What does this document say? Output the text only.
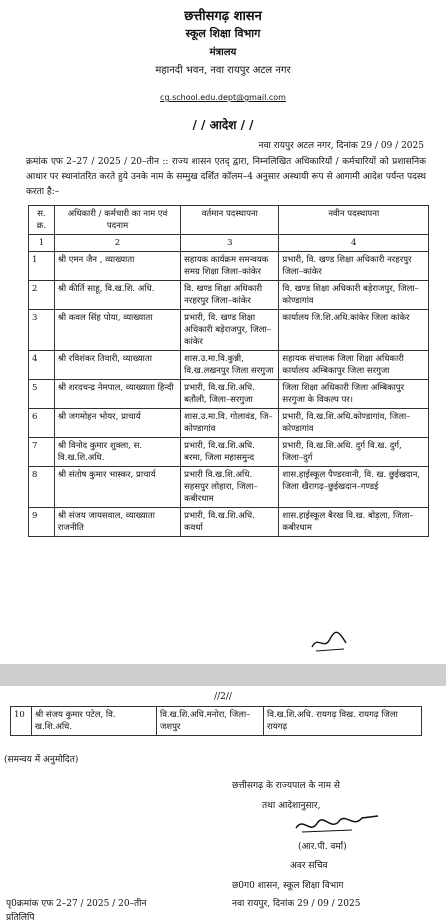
छत्तीसगढ़ शासन
स्कूल शिक्षा विभाग
मंत्रालय
महानदी भवन, नवा रायपुर अटल नगर
cg.school.edu.dept@gmail.com
/ / आदेश / /
नवा रायपुर अटल नगर, दिनांक 29 / 09 / 2025
क्रमांक एफ 2–27 / 2025 / 20–तीन :: राज्य शासन एतद् द्वारा, निम्नलिखित अधिकारियों / कर्मचारियों को प्रशासनिक आधार पर स्थानांतरित करते हुये उनके नाम के सम्मुख दर्शित कॉलम–4 अनुसार अस्थायी रूप से आगामी आदेश पर्यन्त पदस्थ करता है:–
स. क्र.	अधिकारी / कर्मचारी का नाम एवं पदनाम	वर्तमान पदस्थापना	नवीन पदस्थापना
1	2	3	4
1	श्री एमन जैन , व्याख्याता	सहायक कार्यक्रम समन्वयक समग्र शिक्षा जिला–कांकेर	प्रभारी, वि. खण्ड शिक्षा अधिकारी नरहरपुर जिला–कांकेर
2	श्री कीर्ति साहू, वि.ख.शि. अधि.	वि. खण्ड शिक्षा अधिकारी नरहरपुर जिला–कांकेर	वि. खण्ड शिक्षा अधिकारी बड़ेराजपुर, जिला–कोण्डागांव
3	श्री कवल सिंह पोया, व्याख्याता	प्रभारी, वि. खण्ड शिक्षा अधिकारी बड़ेराजपुर, जिला–कांकेर	कार्यालय जि.शि.अधि.कांकेर जिला कांकेर
4	श्री रविशंकर तिवारी, व्याख्याता	शास.उ.मा.वि.कुन्नी, वि.ख.लखनपुर जिला सरगुजा	सहायक संचालक जिला शिक्षा अधिकारी कार्यालय अम्बिकापुर जिला सरगुजा
5	श्री शरदचन्द्र नेमपाल, व्याख्याता हिन्दी	प्रभारी, वि.ख.शि.अधि. बतौली, जिला–सरगुजा	जिला शिक्षा अधिकारी जिला अम्बिकापुर सरगुजा के विकल्प पर।
6	श्री जगमोहन भोयर, प्राचार्य	शास.उ.मा.वि. गोलावंड, जि–कोण्डागांव	प्रभारी, वि.ख.शि.अधि.कोण्डागांव, जिला–कोण्डागांव
7	श्री विनोद कुमार शुक्ला, स. वि.ख.शि.अधि.	प्रभारी, वि.ख.शि.अधि. बरमा, जिला महासमुन्द	प्रभारी, वि.ख.शि.अधि. दुर्ग वि.ख. दुर्ग, जिला–दुर्ग
8	श्री संतोष कुमार भास्कर, प्राचार्य	प्रभारी वि.ख.शि.अधि. सहसपुर लोहारा, जिला–कबीरधाम	शास.हाईस्कूल पैण्डरवानी, वि. ख. छुईखदान, जिला खैरागढ़–छुईखदान–गण्डई
9	श्री संजय जायसवाल, व्याख्याता राजनीति	प्रभारी, वि.ख.शि.अधि. कवर्धा	शास.हाईस्कूल बैरख वि.ख. बोड़ला, जिला–कबीरधाम
//2//
10	श्री संजय कुमार पटेल, वि. ख.शि.अधि.	वि.ख.शि.अधि.मनोरा, जिला–जशपुर	वि.ख.शि.अधि. रायगढ़ विख. रायगढ़ जिला रायगढ़
(समन्वय में अनुमोदित)
छत्तीसगढ़ के राज्यपाल के नाम से
तथा आदेशानुसार,
(आर.पी. वर्मा)
अवर सचिव
छ0ग0 शासन, स्कूल शिक्षा विभाग
पृ0क्रमांक एफ 2–27 / 2025 / 20–तीन	नवा रायपुर, दिनांक 29 / 09 / 2025
प्रतिलिपि
